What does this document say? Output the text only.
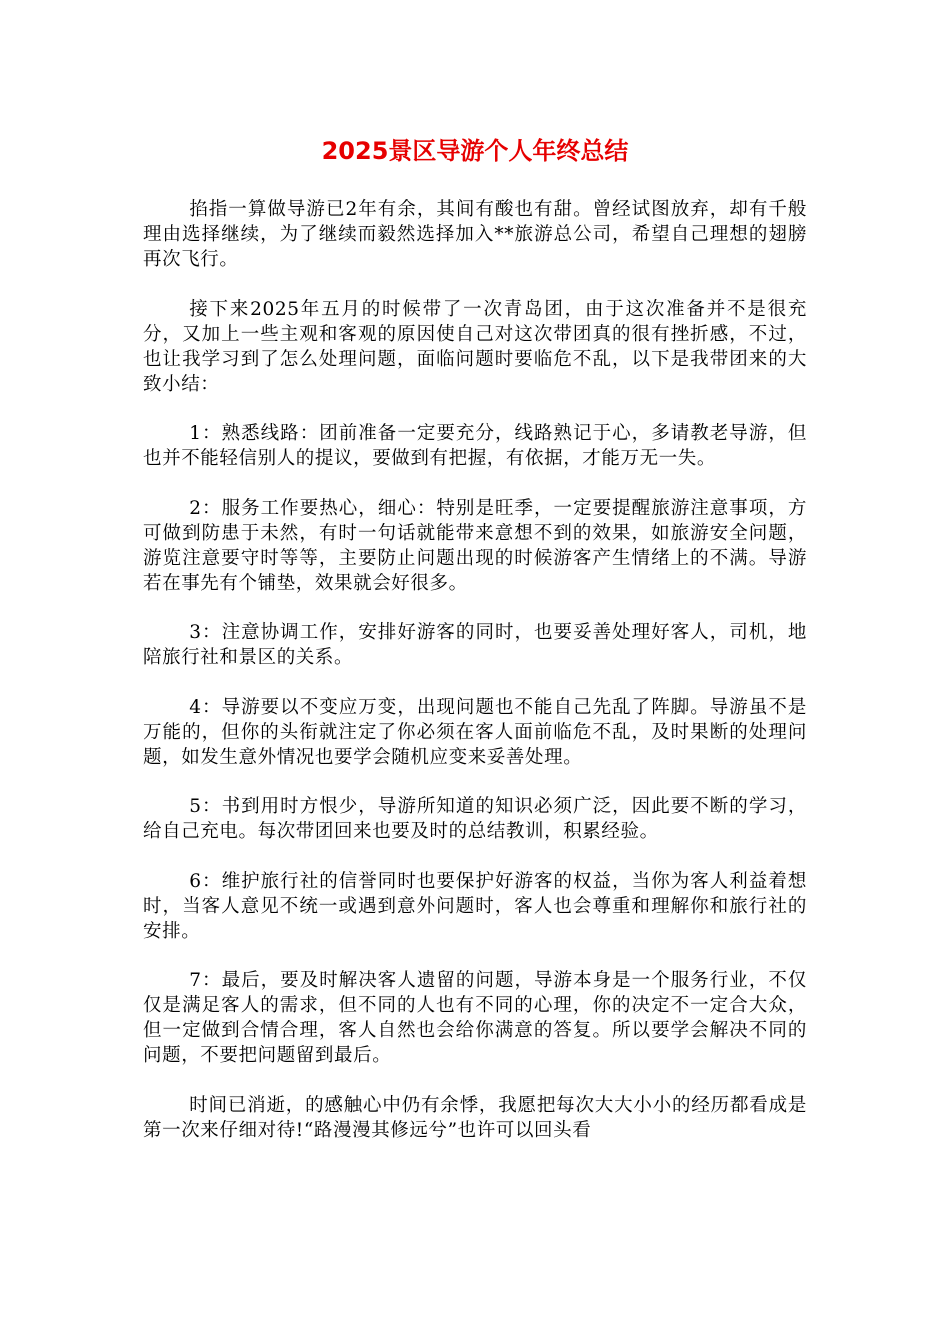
2025景区导游个人年终总结

掐指一算做导游已2年有余，其间有酸也有甜。曾经试图放弃，却有千般理由选择继续，为了继续而毅然选择加入**旅游总公司，希望自己理想的翅膀再次飞行。

接下来2025年五月的时候带了一次青岛团，由于这次准备并不是很充分，又加上一些主观和客观的原因使自己对这次带团真的很有挫折感，不过，也让我学习到了怎么处理问题，面临问题时要临危不乱，以下是我带团来的大致小结：

1：熟悉线路：团前准备一定要充分，线路熟记于心，多请教老导游，但也并不能轻信别人的提议，要做到有把握，有依据，才能万无一失。

2：服务工作要热心，细心：特别是旺季，一定要提醒旅游注意事项，方可做到防患于未然，有时一句话就能带来意想不到的效果，如旅游安全问题，游览注意要守时等等，主要防止问题出现的时候游客产生情绪上的不满。导游若在事先有个铺垫，效果就会好很多。

3：注意协调工作，安排好游客的同时，也要妥善处理好客人，司机，地陪旅行社和景区的关系。

4：导游要以不变应万变，出现问题也不能自己先乱了阵脚。导游虽不是万能的，但你的头衔就注定了你必须在客人面前临危不乱，及时果断的处理问题，如发生意外情况也要学会随机应变来妥善处理。

5：书到用时方恨少，导游所知道的知识必须广泛，因此要不断的学习，给自己充电。每次带团回来也要及时的总结教训，积累经验。

6：维护旅行社的信誉同时也要保护好游客的权益，当你为客人利益着想时，当客人意见不统一或遇到意外问题时，客人也会尊重和理解你和旅行社的安排。

7：最后，要及时解决客人遗留的问题，导游本身是一个服务行业，不仅仅是满足客人的需求，但不同的人也有不同的心理，你的决定不一定合大众，但一定做到合情合理，客人自然也会给你满意的答复。所以要学会解决不同的问题，不要把问题留到最后。

时间已消逝，的感触心中仍有余悸，我愿把每次大大小小的经历都看成是第一次来仔细对待!“路漫漫其修远兮”也许可以回头看
